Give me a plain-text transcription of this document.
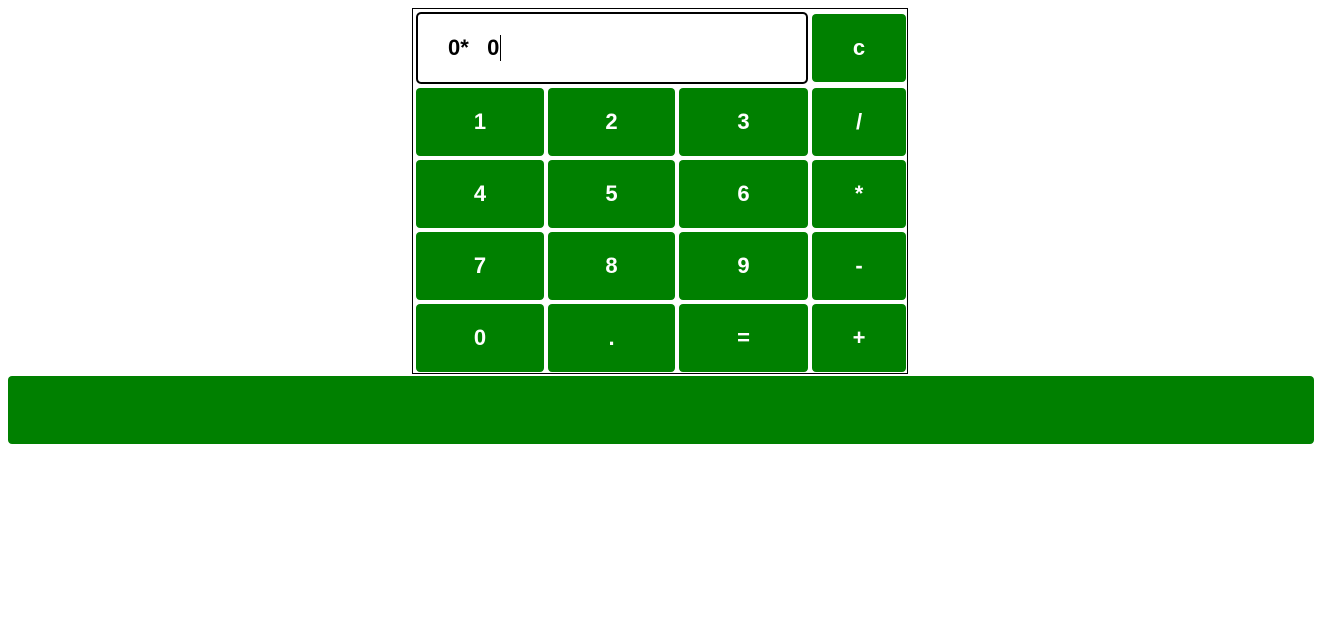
0*   0	c
1	2	3	/
4	5	6	*
7	8	9	-
0	.	=	+
